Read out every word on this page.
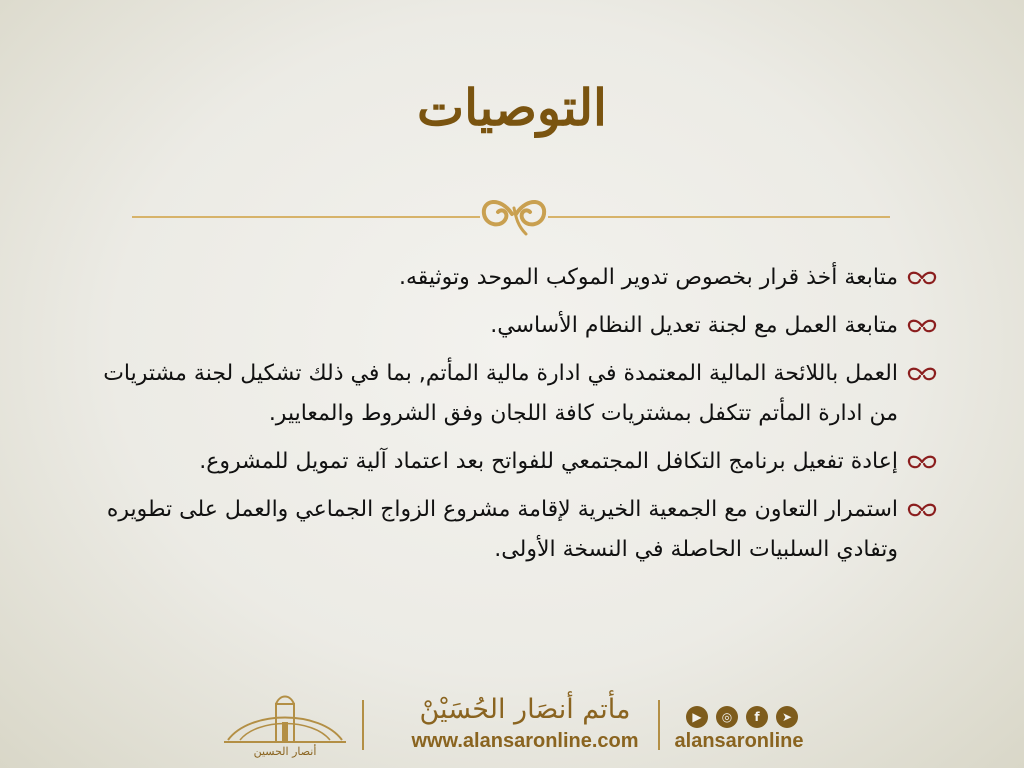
التوصيات
متابعة أخذ قرار بخصوص تدوير الموكب الموحد وتوثيقه.
متابعة العمل مع لجنة تعديل النظام الأساسي.
العمل باللائحة المالية المعتمدة في ادارة مالية المأتم, بما في ذلك تشكيل لجنة مشتريات من ادارة المأتم تتكفل بمشتريات كافة اللجان وفق الشروط والمعايير.
إعادة تفعيل برنامج التكافل المجتمعي للفواتح بعد اعتماد آلية تمويل للمشروع.
استمرار التعاون مع الجمعية الخيرية لإقامة مشروع الزواج الجماعي والعمل على تطويره وتفادي السلبيات الحاصلة في النسخة الأولى.
أنصار الحسين
مأتم أنصَار الحُسَيْنْ
www.alansaronline.com
▶	◎	f	➤
alansaronline
